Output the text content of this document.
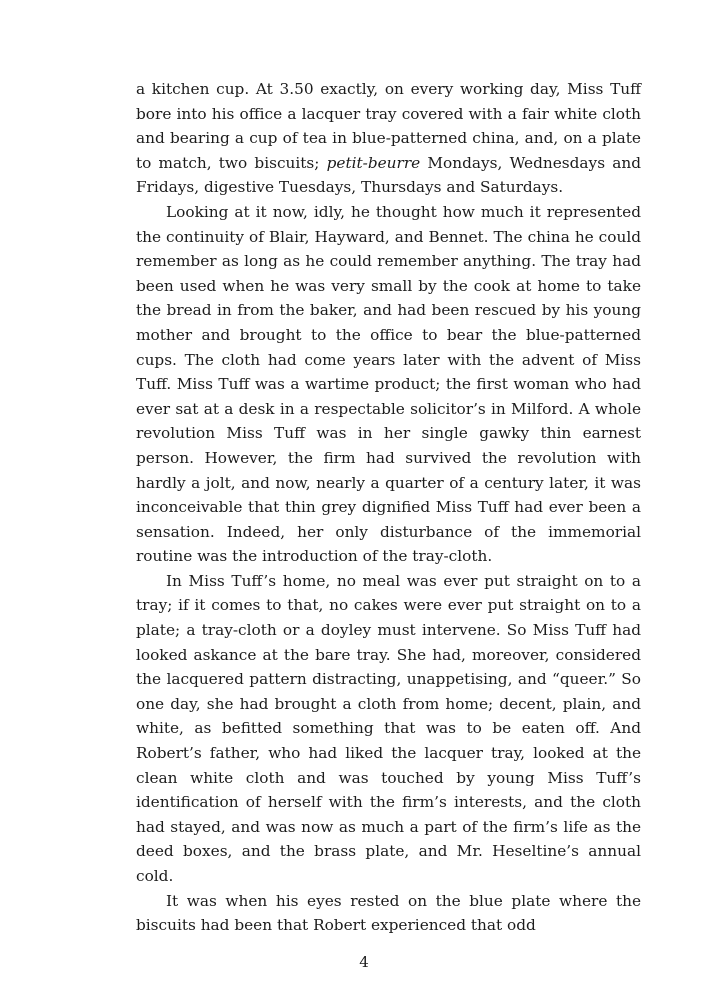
a kitchen cup. At 3.50 exactly, on every working day, Miss Tuff bore into his office a lacquer tray covered with a fair white cloth and bearing a cup of tea in blue-patterned china, and, on a plate to match, two biscuits; petit-beurre Mondays, Wednesdays and Fridays, digestive Tuesdays, Thursdays and Saturdays.

Looking at it now, idly, he thought how much it represented the continuity of Blair, Hayward, and Bennet. The china he could remember as long as he could remember anything. The tray had been used when he was very small by the cook at home to take the bread in from the baker, and had been rescued by his young mother and brought to the office to bear the blue-patterned cups. The cloth had come years later with the advent of Miss Tuff. Miss Tuff was a wartime product; the first woman who had ever sat at a desk in a respectable solicitor’s in Milford. A whole revolution Miss Tuff was in her single gawky thin earnest person. However, the firm had survived the revolution with hardly a jolt, and now, nearly a quarter of a century later, it was inconceivable that thin grey dignified Miss Tuff had ever been a sensation. Indeed, her only disturbance of the immemorial routine was the introduction of the tray-cloth.

In Miss Tuff’s home, no meal was ever put straight on to a tray; if it comes to that, no cakes were ever put straight on to a plate; a tray-cloth or a doyley must intervene. So Miss Tuff had looked askance at the bare tray. She had, moreover, considered the lacquered pattern distracting, unappetising, and “queer.” So one day, she had brought a cloth from home; decent, plain, and white, as befitted something that was to be eaten off. And Robert’s father, who had liked the lacquer tray, looked at the clean white cloth and was touched by young Miss Tuff’s identification of herself with the firm’s interests, and the cloth had stayed, and was now as much a part of the firm’s life as the deed boxes, and the brass plate, and Mr. Heseltine’s annual cold.

It was when his eyes rested on the blue plate where the biscuits had been that Robert experienced that odd

4
